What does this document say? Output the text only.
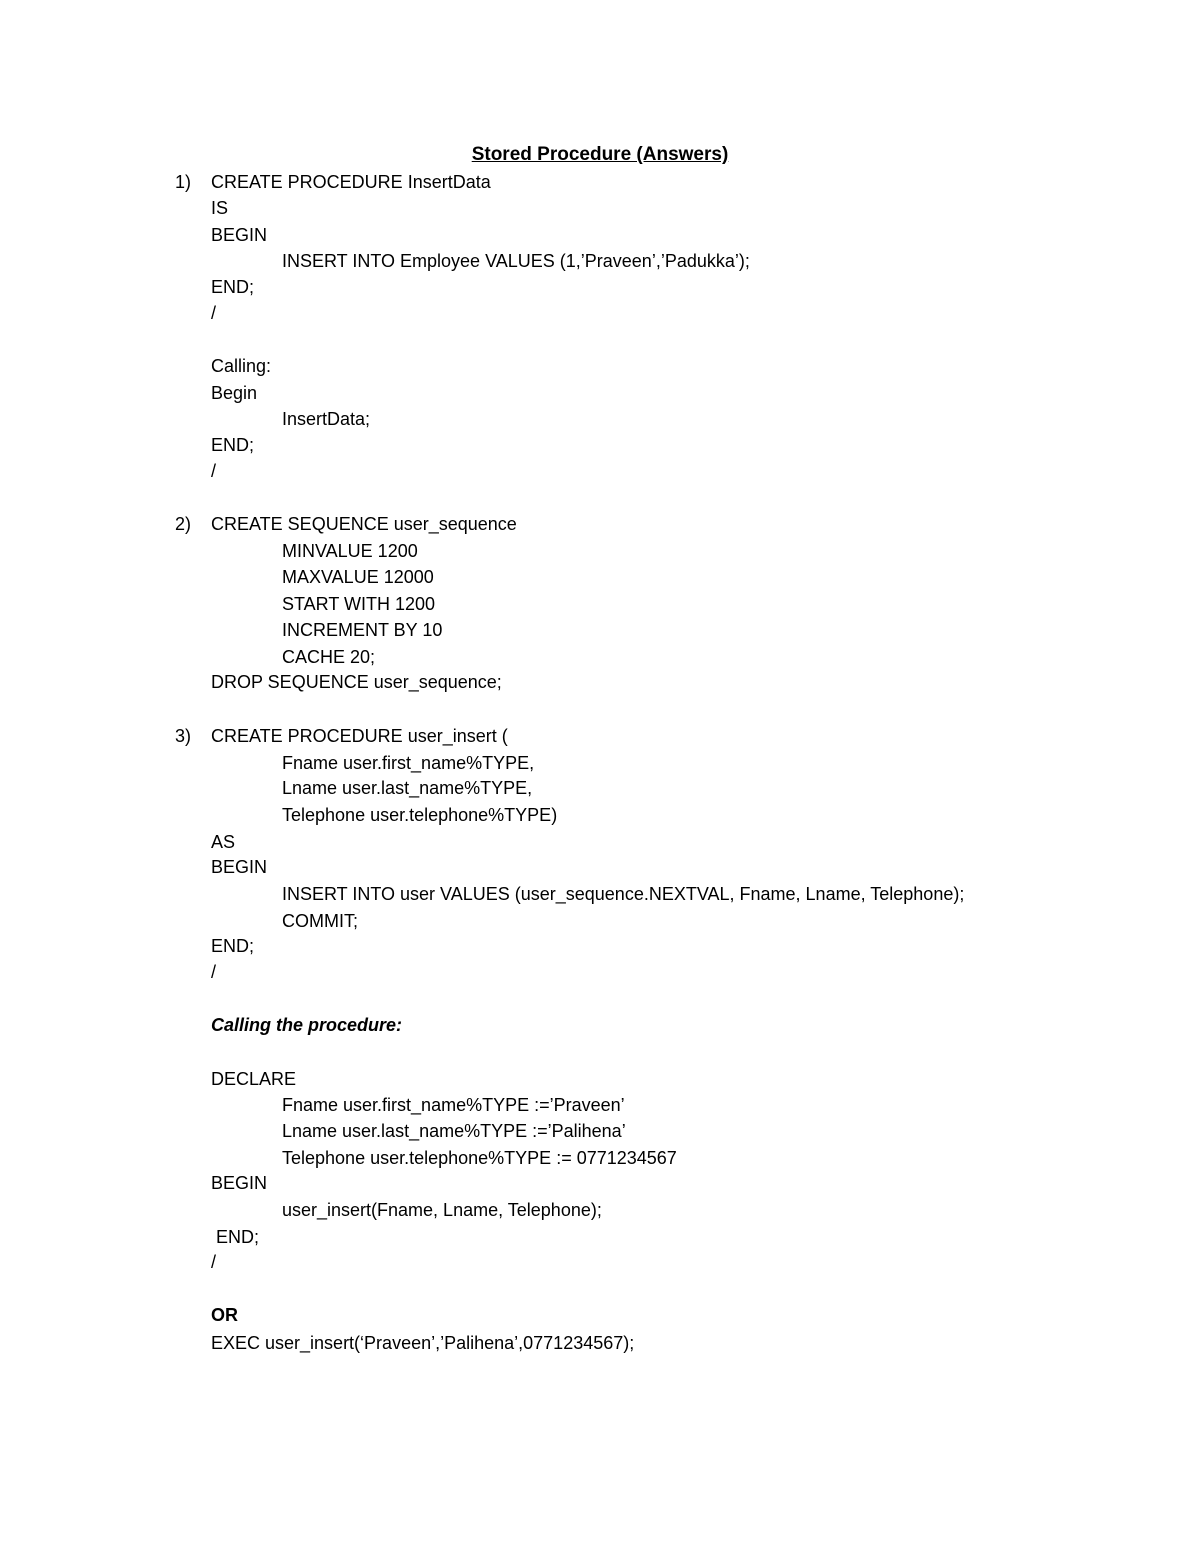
Stored Procedure (Answers)
1) CREATE PROCEDURE InsertData
IS
BEGIN
INSERT INTO Employee VALUES (1,’Praveen’,’Padukka’);
END;
/
Calling:
Begin
InsertData;
END;
/
2) CREATE SEQUENCE user_sequence
MINVALUE 1200
MAXVALUE 12000
START WITH 1200
INCREMENT BY 10
CACHE 20;
DROP SEQUENCE user_sequence;
3) CREATE PROCEDURE user_insert (
Fname user.first_name%TYPE,
Lname user.last_name%TYPE,
Telephone user.telephone%TYPE)
AS
BEGIN
INSERT INTO user VALUES (user_sequence.NEXTVAL, Fname, Lname, Telephone);
COMMIT;
END;
/
Calling the procedure:
DECLARE
Fname user.first_name%TYPE :=’Praveen’
Lname user.last_name%TYPE :=’Palihena’
Telephone user.telephone%TYPE := 0771234567
BEGIN
user_insert(Fname, Lname, Telephone);
END;
/
OR
EXEC user_insert(‘Praveen’,’Palihena’,0771234567);
